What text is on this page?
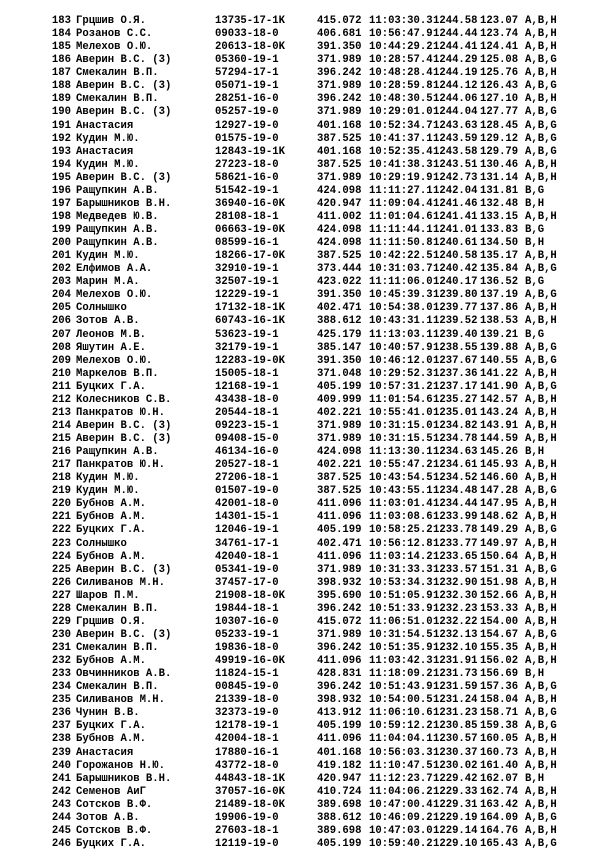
183 Грцшив О.Я.	13735-17-1K	415.072 11:03:30.3 1244.58 123.07 A,B,H
184 Розанов С.С.	09033-18-0	406.681 10:56:47.9 1244.44 123.74 A,B,H
185 Мелехов О.Ю.	20613-18-0K	391.350 10:44:29.2 1244.41 124.41 A,B,H
186 Аверин В.С. (3)	05360-19-1	371.989 10:28:57.4 1244.29 125.08 A,B,G
187 Смекалин В.П.	57294-17-1	396.242 10:48:28.4 1244.19 125.76 A,B,H
188 Аверин В.С. (3)	05071-19-1	371.989 10:28:59.8 1244.12 126.43 A,B,G
189 Смекалин В.П.	28251-16-0	396.242 10:48:30.5 1244.06 127.10 A,B,H
190 Аверин В.С. (3)	05257-19-0	371.989 10:29:01.0 1244.04 127.77 A,B,G
191 Анастасия	12927-19-0	401.168 10:52:34.7 1243.63 128.45 A,B,G
192 Кудин М.Ю.	01575-19-0	387.525 10:41:37.1 1243.59 129.12 A,B,G
193 Анастасия	12843-19-1K	401.168 10:52:35.4 1243.58 129.79 A,B,G
194 Кудин М.Ю.	27223-18-0	387.525 10:41:38.3 1243.51 130.46 A,B,H
195 Аверин В.С. (3)	58621-16-0	371.989 10:29:19.9 1242.73 131.14 A,B,H
196 Ращупкин А.В.	51542-19-1	424.098 11:11:27.1 1242.04 131.81 B,G
197 Барышников В.Н.	36940-16-0K	420.947 11:09:04.4 1241.46 132.48 B,H
198 Медведев Ю.В.	28108-18-1	411.002 11:01:04.6 1241.41 133.15 A,B,H
199 Ращупкин А.В.	06663-19-0K	424.098 11:11:44.1 1241.01 133.83 B,G
200 Ращупкин А.В.	08599-16-1	424.098 11:11:50.8 1240.61 134.50 B,H
201 Кудин М.Ю.	18266-17-0K	387.525 10:42:22.5 1240.58 135.17 A,B,H
202 Елфимов А.А.	32910-19-1	373.444 10:31:03.7 1240.42 135.84 A,B,G
203 Марин М.А.	32507-19-1	423.022 11:11:06.0 1240.17 136.52 B,G
204 Мелехов О.Ю.	12229-19-1	391.350 10:45:39.3 1239.80 137.19 A,B,G
205 Солнышко	17132-18-1K	402.471 10:54:38.0 1239.77 137.86 A,B,H
206 Зотов А.В.	60743-16-1K	388.612 10:43:31.1 1239.52 138.53 A,B,H
207 Леонов М.В.	53623-19-1	425.179 11:13:03.1 1239.40 139.21 B,G
208 Яшутин А.Е.	32179-19-1	385.147 10:40:57.9 1238.55 139.88 A,B,G
209 Мелехов О.Ю.	12283-19-0K	391.350 10:46:12.0 1237.67 140.55 A,B,G
210 Маркелов В.П.	15005-18-1	371.048 10:29:52.3 1237.36 141.22 A,B,H
211 Буцких Г.А.	12168-19-1	405.199 10:57:31.2 1237.17 141.90 A,B,G
212 Колесников С.В.	43438-18-0	409.999 11:01:54.6 1235.27 142.57 A,B,H
213 Панкратов Ю.Н.	20544-18-1	402.221 10:55:41.0 1235.01 143.24 A,B,H
214 Аверин В.С. (3)	09223-15-1	371.989 10:31:15.0 1234.82 143.91 A,B,H
215 Аверин В.С. (3)	09408-15-0	371.989 10:31:15.5 1234.78 144.59 A,B,H
216 Ращупкин А.В.	46134-16-0	424.098 11:13:30.1 1234.63 145.26 B,H
217 Панкратов Ю.Н.	20527-18-1	402.221 10:55:47.2 1234.61 145.93 A,B,H
218 Кудин М.Ю.	27206-18-1	387.525 10:43:54.5 1234.52 146.60 A,B,H
219 Кудин М.Ю.	01507-19-0	387.525 10:43:55.1 1234.48 147.28 A,B,G
220 Бубнов А.М.	42001-18-0	411.096 11:03:01.4 1234.44 147.95 A,B,H
221 Бубнов А.М.	14301-15-1	411.096 11:03:08.6 1233.99 148.62 A,B,H
222 Буцких Г.А.	12046-19-1	405.199 10:58:25.2 1233.78 149.29 A,B,G
223 Солнышко	34761-17-1	402.471 10:56:12.8 1233.77 149.97 A,B,H
224 Бубнов А.М.	42040-18-1	411.096 11:03:14.2 1233.65 150.64 A,B,H
225 Аверин В.С. (3)	05341-19-0	371.989 10:31:33.3 1233.57 151.31 A,B,G
226 Силиванов М.Н.	37457-17-0	398.932 10:53:34.3 1232.90 151.98 A,B,H
227 Шаров П.М.	21908-18-0K	395.690 10:51:05.9 1232.30 152.66 A,B,H
228 Смекалин В.П.	19844-18-1	396.242 10:51:33.9 1232.23 153.33 A,B,H
229 Грцшив О.Я.	10307-16-0	415.072 11:06:51.0 1232.22 154.00 A,B,H
230 Аверин В.С. (3)	05233-19-1	371.989 10:31:54.5 1232.13 154.67 A,B,G
231 Смекалин В.П.	19836-18-0	396.242 10:51:35.9 1232.10 155.35 A,B,H
232 Бубнов А.М.	49919-16-0K	411.096 11:03:42.3 1231.91 156.02 A,B,H
233 Овчинников А.В.	11824-15-1	428.831 11:18:09.2 1231.73 156.69 B,H
234 Смекалин В.П.	00845-19-0	396.242 10:51:43.9 1231.59 157.36 A,B,G
235 Силиванов М.Н.	21339-18-0	398.932 10:54:00.5 1231.24 158.04 A,B,H
236 Чунин В.В.	32373-19-0	413.912 11:06:10.6 1231.23 158.71 A,B,G
237 Буцких Г.А.	12178-19-1	405.199 10:59:12.2 1230.85 159.38 A,B,G
238 Бубнов А.М.	42004-18-1	411.096 11:04:04.1 1230.57 160.05 A,B,H
239 Анастасия	17880-16-1	401.168 10:56:03.3 1230.37 160.73 A,B,H
240 Горожанов Н.Ю.	43772-18-0	419.182 11:10:47.5 1230.02 161.40 A,B,H
241 Барышников В.Н.	44843-18-1K	420.947 11:12:23.7 1229.42 162.07 B,H
242 Семенов АиГ	37057-16-0K	410.724 11:04:06.2 1229.33 162.74 A,B,H
243 Сотсков В.Ф.	21489-18-0K	389.698 10:47:00.4 1229.31 163.42 A,B,H
244 Зотов А.В.	19906-19-0	388.612 10:46:09.2 1229.19 164.09 A,B,G
245 Сотсков В.Ф.	27603-18-1	389.698 10:47:03.0 1229.14 164.76 A,B,H
246 Буцких Г.А.	12119-19-0	405.199 10:59:40.2 1229.10 165.43 A,B,G
